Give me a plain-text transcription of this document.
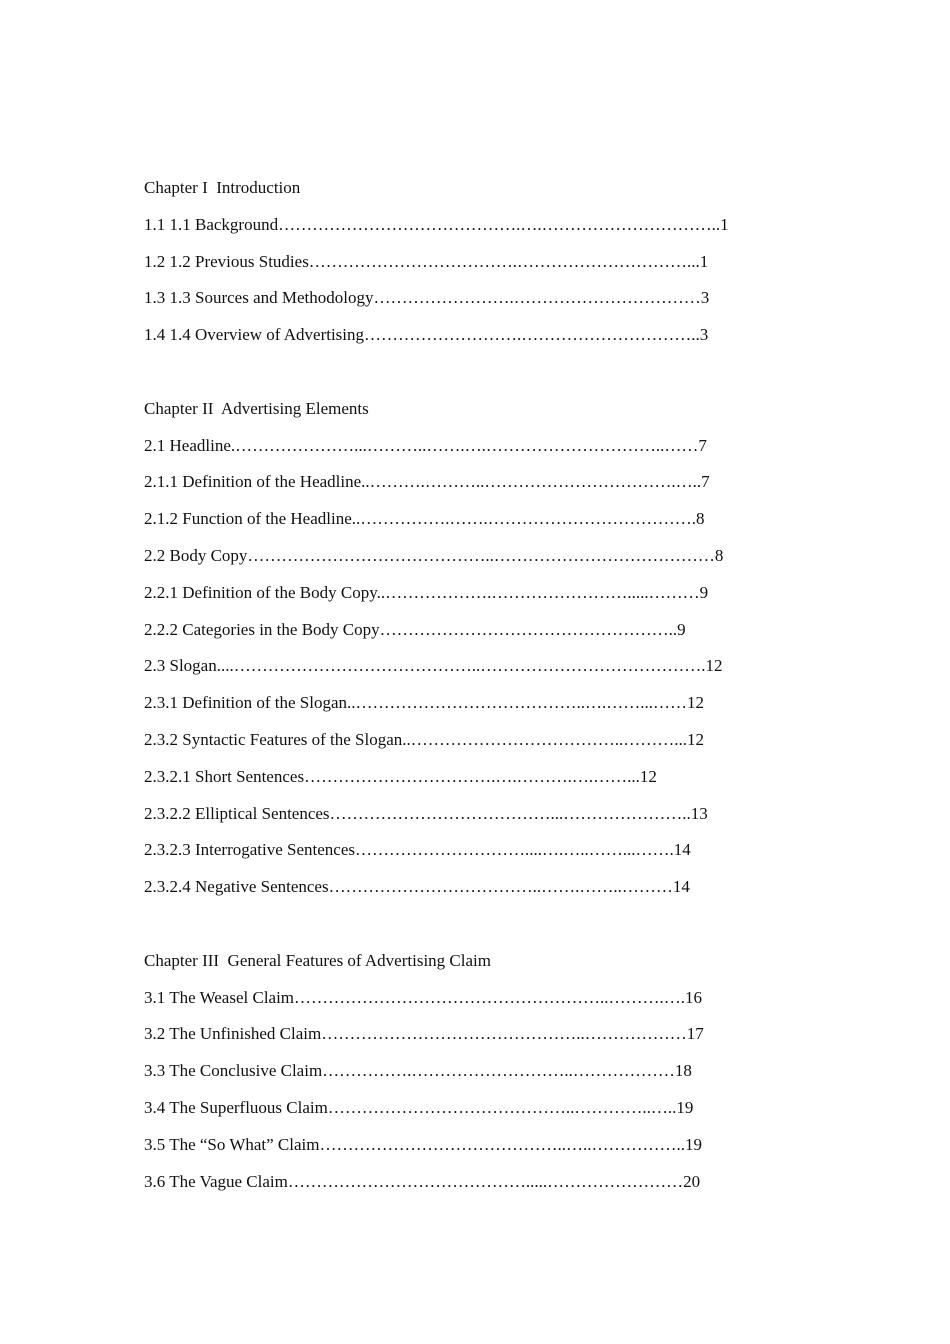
Chapter I  Introduction
1.1 1.1 Background…………………………………….….…………………………..1
1.2 1.2 Previous Studies……………………………….…………………………...1
1.3 1.3 Sources and Methodology…………………….……………………………3
1.4 1.4 Overview of Advertising……………………….…………………………..3
Chapter II  Advertising Elements
2.1 Headline.…………………...………..…….….…………………………..……7
2.1.1 Definition of the Headline..……….………..…………………………….…..7
2.1.2 Function of the Headline..…………….…….……………………………….8
2.2 Body Copy……………………………………..…………………………………8
2.2.1 Definition of the Body Copy..……………….…………………….....………9
2.2.2 Categories in the Body Copy……………………………………………..9
2.3 Slogan....……………………………………..………………………………….12
2.3.1 Definition of the Slogan..…………………………………..….……...……12
2.3.2 Syntactic Features of the Slogan..………………………………..………...12
2.3.2.1 Short Sentences…………………………….….……….….……...12
2.3.2.2 Elliptical Sentences…………………………………...…………………..13
2.3.2.3 Interrogative Sentences…………………………....….…..……...…….14
2.3.2.4 Negative Sentences………………………………..…….……..………14
Chapter III  General Features of Advertising Claim
3.1 The Weasel Claim………………………………………………..……….….16
3.2 The Unfinished Claim………………………………………..………………17
3.3 The Conclusive Claim…………….………………………..………………18
3.4 The Superfluous Claim……………………………………..…………..…..19
3.5 The “So What” Claim……………………………………..…..……………..19
3.6 The Vague Claim…………………………………….....……………………20
